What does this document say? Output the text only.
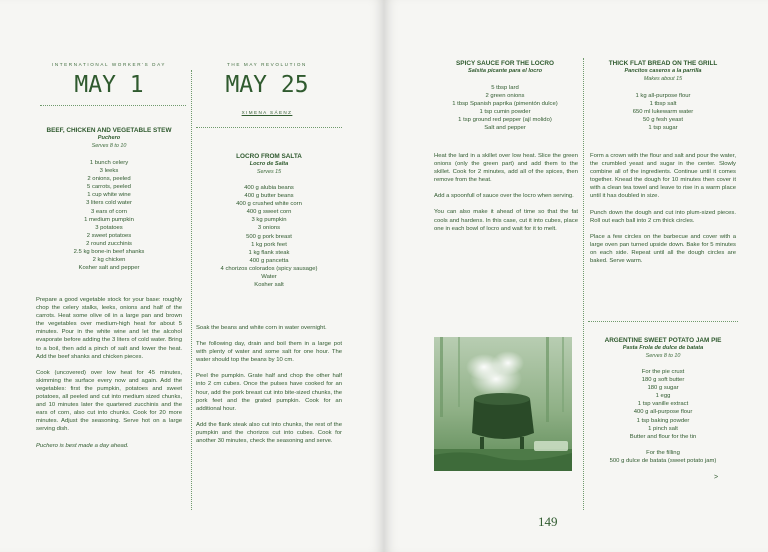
INTERNATIONAL WORKER'S DAY
MAY 1
BEEF, CHICKEN AND VEGETABLE STEW
Puchero
Serves 8 to 10
1 bunch celery
3 leeks
2 onions, peeled
5 carrots, peeled
1 cup white wine
3 liters cold water
3 ears of corn
1 medium pumpkin
3 potatoes
2 sweet potatoes
2 round zucchinis
2.5 kg bone-in beef shanks
2 kg chicken
Kosher salt and pepper

Prepare a good vegetable stock for your base: roughly chop the celery stalks, leeks, onions and half of the carrots. Heat some olive oil in a large pan and brown the vegetables over medium-high heat for about 5 minutes. Pour in the white wine and let the alcohol evaporate before adding the 3 liters of cold water. Bring to a boil, then add a pinch of salt and lower the heat. Add the beef shanks and chicken pieces.

Cook (uncovered) over low heat for 45 minutes, skimming the surface every now and again. Add the vegetables: first the pumpkin, potatoes and sweet potatoes, all peeled and cut into medium sized chunks, and 10 minutes later the quartered zucchinis and the ears of corn, also cut into chunks. Cook for 20 more minutes. Adjust the seasoning. Serve hot on a large serving dish.

Puchero is best made a day ahead.

THE MAY REVOLUTION
MAY 25
XIMENA SÁENZ
LOCRO FROM SALTA
Locro de Salta
Serves 15
400 g alubia beans
400 g butter beans
400 g crushed white corn
400 g sweet corn
3 kg pumpkin
3 onions
500 g pork breast
1 kg pork feet
1 kg flank steak
400 g pancetta
4 chorizos colorados (spicy sausage)
Water
Kosher salt

Soak the beans and white corn in water overnight.

The following day, drain and boil them in a large pot with plenty of water and some salt for one hour. The water should top the beans by 10 cm.

Peel the pumpkin. Grate half and chop the other half into 2 cm cubes. Once the pulses have cooked for an hour, add the pork breast cut into bite-sized chunks, the pork feet and the grated pumpkin. Cook for an additional hour.

Add the flank steak also cut into chunks, the rest of the pumpkin and the chorizos cut into cubes. Cook for another 30 minutes, check the seasoning and serve.

SPICY SAUCE FOR THE LOCRO
Salsita picante para el locro
5 tbsp lard
2 green onions
1 tbsp Spanish paprika (pimentón dulce)
1 tsp cumin powder
1 tsp ground red pepper (ají molido)
Salt and pepper

Heat the lard in a skillet over low heat. Slice the green onions (only the green part) and add them to the skillet. Cook for 2 minutes, add all of the spices, then remove from the heat.

Add a spoonfull of sauce over the locro when serving.

You can also make it ahead of time so that the fat cools and hardens. In this case, cut it into cubes, place one in each bowl of locro and wait for it to melt.

THICK FLAT BREAD ON THE GRILL
Pancitos caseros a la parrilla
Makes about 15
1 kg all-purpose flour
1 tbsp salt
650 ml lukewarm water
50 g fesh yeast
1 tsp sugar

Form a crown with the flour and salt and pour the water, the crumbled yeast and sugar in the center. Slowly combine all of the ingredients. Continue until it comes together. Knead the dough for 10 minutes then cover it with a clean tea towel and leave to rise in a warm place until it has doubled in size.

Punch down the dough and cut into plum-sized pieces. Roll out each ball into 2 cm thick circles.

Place a few circles on the barbecue and cover with a large oven pan turned upside down. Bake for 5 minutes on each side. Repeat until all the dough circles are baked. Serve warm.

ARGENTINE SWEET POTATO JAM PIE
Pasta Frola de dulce de batata
Serves 8 to 10
For the pie crust
180 g soft butter
180 g sugar
1 egg
1 tsp vanille extract
400 g all-purpose flour
1 tsp baking powder
1 pinch salt
Butter and flour for the tin
For the filling
500 g dulce de batata (sweet potato jam)
>
149
